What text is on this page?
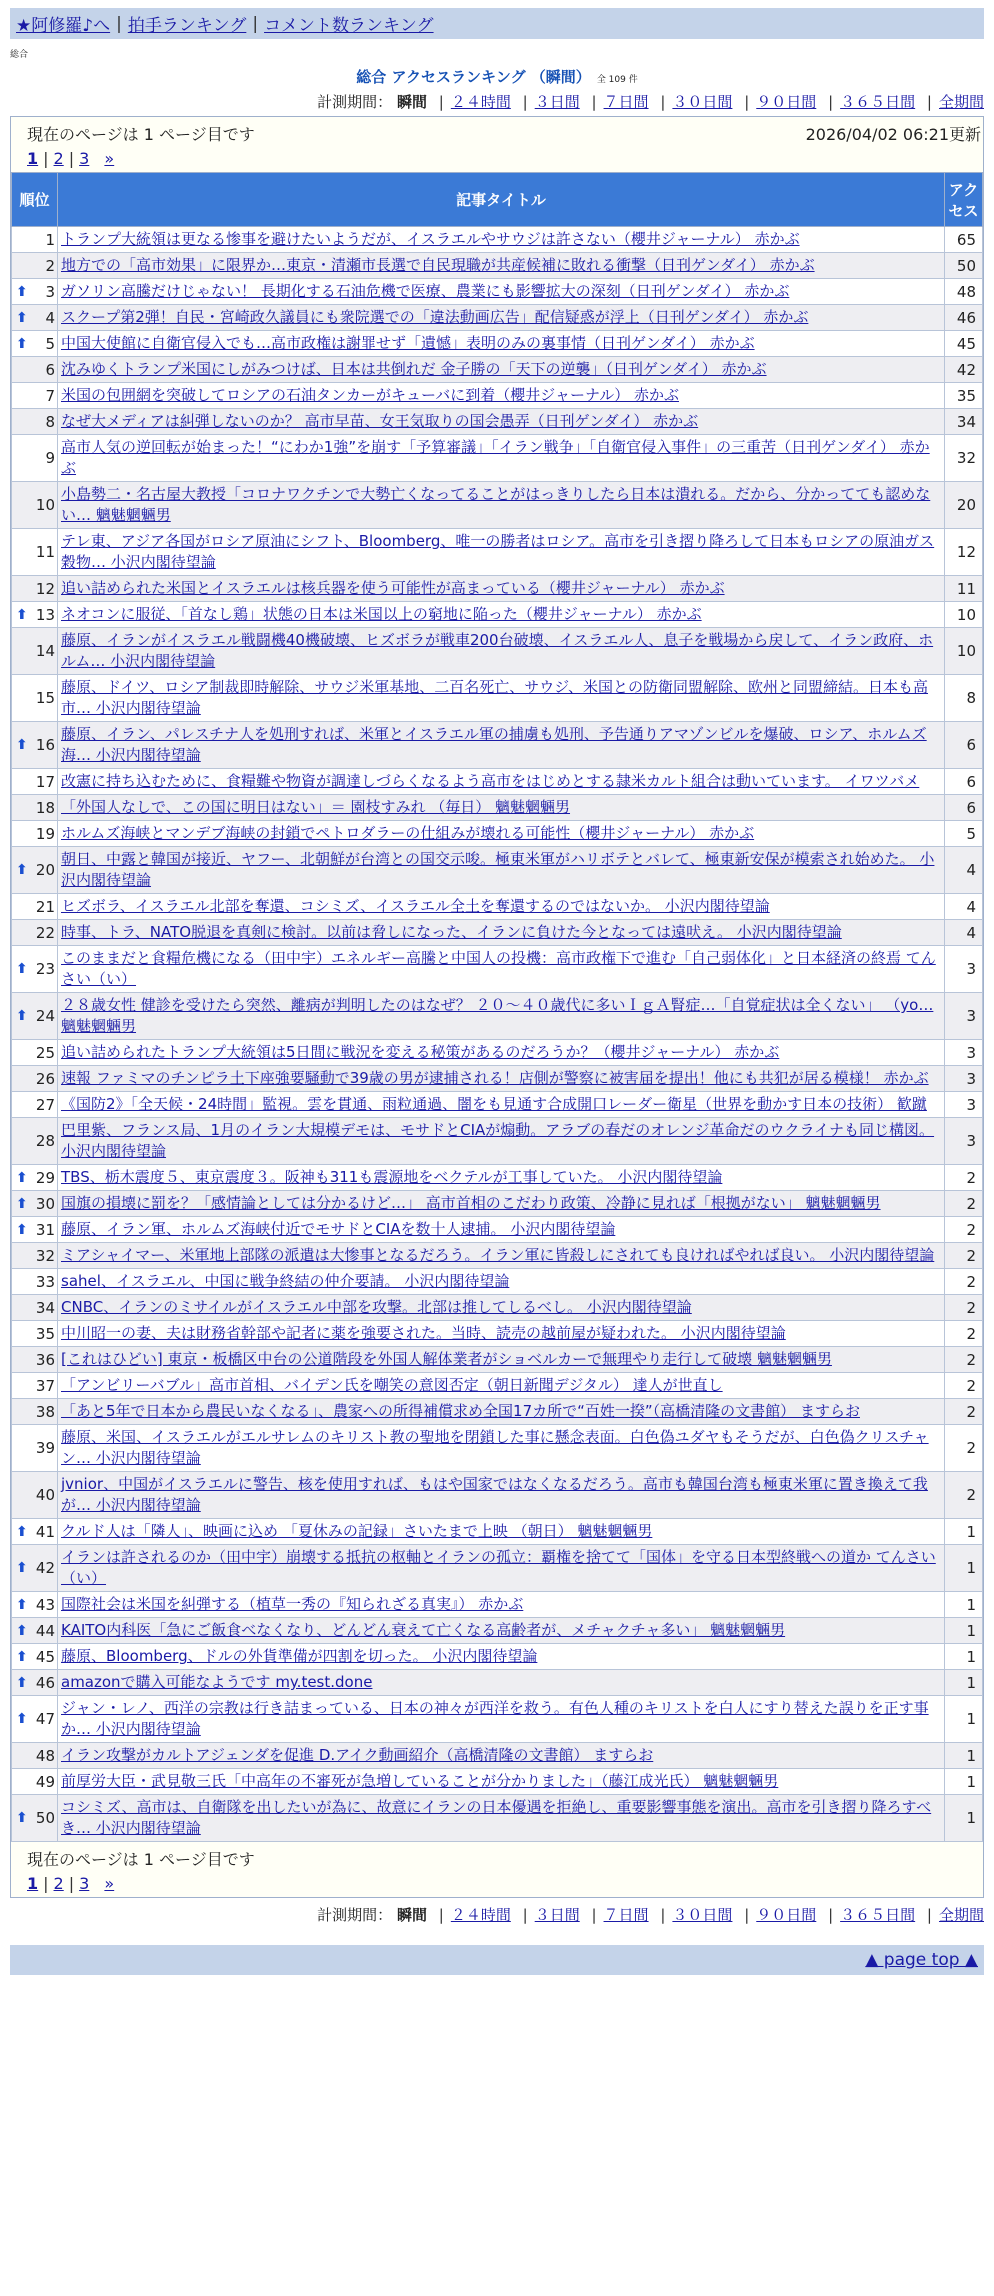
★阿修羅♪へ | 拍手ランキング | コメント数ランキング
総合
総合 アクセスランキング （瞬間） 全 109 件
計測期間： 瞬間 | ２４時間 | ３日間 | ７日間 | ３０日間 | ９０日間 | ３６５日間 | 全期間
現在のページは 1 ページ目です	2026/04/02 06:21更新
1 | 2 | 3 »
順位	記事タイトル	アクセス
1	トランプ大統領は更なる惨事を避けたいようだが、イスラエルやサウジは許さない（櫻井ジャーナル） 赤かぶ	65
2	地方での「高市効果」に限界か…東京・清瀬市長選で自民現職が共産候補に敗れる衝撃（日刊ゲンダイ） 赤かぶ	50

⬆ 3	ガソリン高騰だけじゃない！ 長期化する石油危機で医療、農業にも影響拡大の深刻（日刊ゲンダイ） 赤かぶ	48

⬆ 4	スクープ第2弾！自民・宮崎政久議員にも衆院選での「違法動画広告」配信疑惑が浮上（日刊ゲンダイ） 赤かぶ	46

⬆ 5	中国大使館に自衛官侵入でも…高市政権は謝罪せず「遺憾」表明のみの裏事情（日刊ゲンダイ） 赤かぶ	45
6	沈みゆくトランプ米国にしがみつけば、日本は共倒れだ 金子勝の「天下の逆襲」（日刊ゲンダイ） 赤かぶ	42
7	米国の包囲網を突破してロシアの石油タンカーがキューバに到着（櫻井ジャーナル） 赤かぶ	35
8	なぜ大メディアは糾弾しないのか？ 高市早苗、女王気取りの国会愚弄（日刊ゲンダイ） 赤かぶ	34
9	高市人気の逆回転が始まった！“にわか1強”を崩す「予算審議」「イラン戦争」「自衛官侵入事件」の三重苦（日刊ゲンダイ） 赤かぶ	32
10	小島勢二・名古屋大教授「コロナワクチンで大勢亡くなってることがはっきりしたら日本は潰れる。だから、分かってても認めない… 魑魅魍魎男	20
11	テレ東、アジア各国がロシア原油にシフト、Bloomberg、唯一の勝者はロシア。高市を引き摺り降ろして日本もロシアの原油ガス穀物… 小沢内閣待望論	12
12	追い詰められた米国とイスラエルは核兵器を使う可能性が高まっている（櫻井ジャーナル） 赤かぶ	11

⬆ 13	ネオコンに服従、「首なし鶏」状態の日本は米国以上の窮地に陥った（櫻井ジャーナル） 赤かぶ	10
14	藤原、イランがイスラエル戦闘機40機破壊、ヒズボラが戦車200台破壊、イスラエル人、息子を戦場から戻して、イラン政府、ホルム… 小沢内閣待望論	10
15	藤原、ドイツ、ロシア制裁即時解除、サウジ米軍基地、二百名死亡、サウジ、米国との防衛同盟解除、欧州と同盟締結。日本も高市… 小沢内閣待望論	8

⬆ 16	藤原、イラン、パレスチナ人を処刑すれば、米軍とイスラエル軍の捕虜も処刑、予告通りアマゾンビルを爆破、ロシア、ホルムズ海… 小沢内閣待望論	6
17	改憲に持ち込むために、食糧難や物資が調達しづらくなるよう高市をはじめとする隷米カルト組合は動いています。 イワツバメ	6
18	「外国人なしで、この国に明日はない」＝ 園枝すみれ （毎日） 魑魅魍魎男	6
19	ホルムズ海峡とマンデブ海峡の封鎖でペトロダラーの仕組みが壊れる可能性（櫻井ジャーナル） 赤かぶ	5

⬆ 20	朝日、中露と韓国が接近、ヤフー、北朝鮮が台湾との国交示唆。極東米軍がハリボテとバレて、極東新安保が模索され始めた。 小沢内閣待望論	4
21	ヒズボラ、イスラエル北部を奪還、コシミズ、イスラエル全土を奪還するのではないか。 小沢内閣待望論	4
22	時事、トラ、NATO脱退を真剣に検討。以前は脅しになった、イランに負けた今となっては遠吠え。 小沢内閣待望論	4

⬆ 23	このままだと食糧危機になる（田中宇）エネルギー高騰と中国人の投機：高市政権下で進む「自己弱体化」と日本経済の終焉 てんさい（い）	3

⬆ 24	２８歳女性 健診を受けたら突然、離病が判明したのはなぜ？ ２０～４０歳代に多いＩｇＡ腎症…「自覚症状は全くない」 （yo… 魑魅魍魎男	3
25	追い詰められたトランプ大統領は5日間に戦況を変える秘策があるのだろうか？（櫻井ジャーナル） 赤かぶ	3
26	速報 ファミマのチンピラ土下座強要騒動で39歳の男が逮捕される！店側が警察に被害届を提出！他にも共犯が居る模様！ 赤かぶ	3
27	《国防2》「全天候・24時間」監視。雲を貫通、雨粒通過、闇をも見通す合成開口レーダー衛星（世界を動かす日本の技術） 歓蹴	3
28	巴里紫、フランス局、1月のイラン大規模デモは、モサドとCIAが煽動。アラブの春だのオレンジ革命だのウクライナも同じ構図。 小沢内閣待望論	3

⬆ 29	TBS、栃木震度５、東京震度３。阪神も311も震源地をベクテルが工事していた。 小沢内閣待望論	2

⬆ 30	国旗の損壊に罰を？「感情論としては分かるけど…」 高市首相のこだわり政策、冷静に見れば「根拠がない」 魑魅魍魎男	2

⬆ 31	藤原、イラン軍、ホルムズ海峡付近でモサドとCIAを数十人逮捕。 小沢内閣待望論	2
32	ミアシャイマー、米軍地上部隊の派遣は大惨事となるだろう。イラン軍に皆殺しにされても良ければやれば良い。 小沢内閣待望論	2
33	sahel、イスラエル、中国に戦争終結の仲介要請。 小沢内閣待望論	2
34	CNBC、イランのミサイルがイスラエル中部を攻撃。北部は推してしるべし。 小沢内閣待望論	2
35	中川昭一の妻、夫は財務省幹部や記者に薬を強要された。当時、読売の越前屋が疑われた。 小沢内閣待望論	2
36	[これはひどい] 東京・板橋区中台の公道階段を外国人解体業者がショベルカーで無理やり走行して破壊 魑魅魍魎男	2
37	「アンビリーバブル」高市首相、バイデン氏を嘲笑の意図否定（朝日新聞デジタル） 達人が世直し	2
38	「あと5年で日本から農民いなくなる」、農家への所得補償求め全国17カ所で“百姓一揆”（高橋清隆の文書館） ますらお	2
39	藤原、米国、イスラエルがエルサレムのキリスト教の聖地を閉鎖した事に懸念表面。白色偽ユダヤもそうだが、白色偽クリスチャン… 小沢内閣待望論	2
40	jvnior、中国がイスラエルに警告、核を使用すれば、もはや国家ではなくなるだろう。高市も韓国台湾も極東米軍に置き換えて我が… 小沢内閣待望論	2

⬆ 41	クルド人は「隣人」、映画に込め 「夏休みの記録」さいたまで上映 （朝日） 魑魅魍魎男	1

⬆ 42	イランは許されるのか（田中宇）崩壊する抵抗の枢軸とイランの孤立：覇権を捨てて「国体」を守る日本型終戦への道か てんさい（い）	1

⬆ 43	国際社会は米国を糾弾する（植草一秀の『知られざる真実』） 赤かぶ	1

⬆ 44	KAITO内科医「急にご飯食べなくなり、どんどん衰えて亡くなる高齢者が、メチャクチャ多い」 魑魅魍魎男	1

⬆ 45	藤原、Bloomberg、ドルの外貨準備が四割を切った。 小沢内閣待望論	1

⬆ 46	amazonで購入可能なようです my.test.done	1

⬆ 47	ジャン・レノ、西洋の宗教は行き詰まっている、日本の神々が西洋を救う。有色人種のキリストを白人にすり替えた誤りを正す事か… 小沢内閣待望論	1
48	イラン攻撃がカルトアジェンダを促進 D.アイク動画紹介（高橋清隆の文書館） ますらお	1
49	前厚労大臣・武見敬三氏「中高年の不審死が急増していることが分かりました」（藤江成光氏） 魑魅魍魎男	1

⬆ 50	コシミズ、高市は、自衛隊を出したいが為に、故意にイランの日本優遇を拒絶し、重要影響事態を演出。高市を引き摺り降ろすべき… 小沢内閣待望論	1
現在のページは 1 ページ目です
1 | 2 | 3 »
計測期間： 瞬間 | ２４時間 | ３日間 | ７日間 | ３０日間 | ９０日間 | ３６５日間 | 全期間
▲ page top ▲
